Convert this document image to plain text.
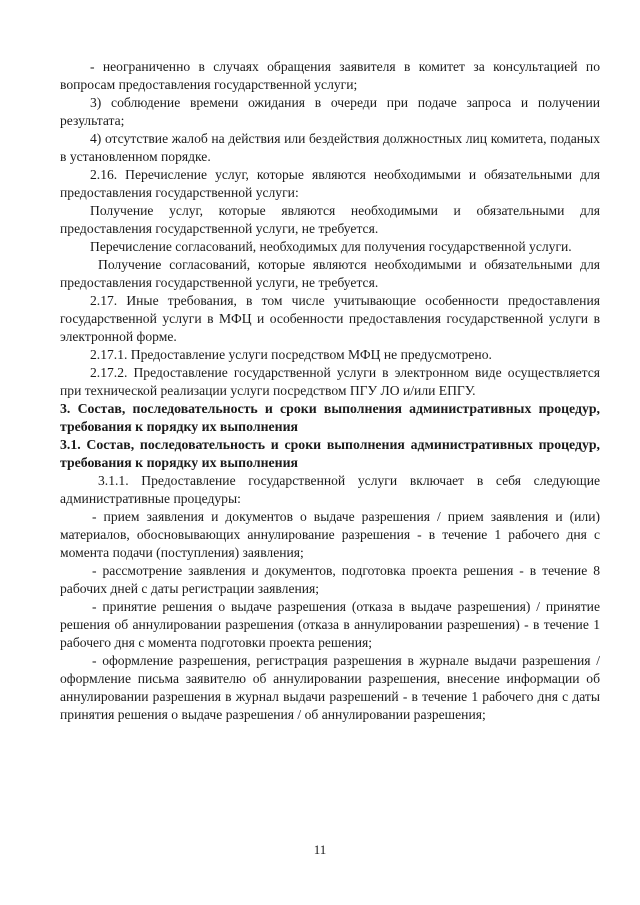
- неограниченно в случаях обращения заявителя в комитет за консультацией по вопросам предоставления государственной услуги;

3) соблюдение времени ожидания в очереди при подаче запроса и получении результата;

4) отсутствие жалоб на действия или бездействия должностных лиц комитета, поданых в установленном порядке.

2.16. Перечисление услуг, которые являются необходимыми и обязательными для предоставления государственной услуги:

Получение услуг, которые являются необходимыми и обязательными для предоставления государственной услуги, не требуется.

Перечисление согласований, необходимых для получения государственной услуги.

Получение согласований, которые являются необходимыми и обязательными для предоставления государственной услуги, не требуется.

2.17. Иные требования, в том числе учитывающие особенности предоставления государственной услуги в МФЦ и особенности предоставления государственной услуги в электронной форме.

2.17.1. Предоставление услуги посредством МФЦ не предусмотрено.

2.17.2. Предоставление государственной услуги в электронном виде осуществляется при технической реализации услуги посредством ПГУ ЛО и/или ЕПГУ.

3. Состав, последовательность и сроки выполнения административных процедур, требования к порядку их выполнения

3.1. Состав, последовательность и сроки выполнения административных процедур, требования к порядку их выполнения

3.1.1. Предоставление государственной услуги включает в себя следующие административные процедуры:

- прием заявления и документов о выдаче разрешения / прием заявления и (или) материалов, обосновывающих аннулирование разрешения - в течение 1 рабочего дня с момента подачи (поступления) заявления;

- рассмотрение заявления и документов, подготовка проекта решения - в течение 8 рабочих дней с даты регистрации заявления;

- принятие решения о выдаче разрешения (отказа в выдаче разрешения) / принятие решения об аннулировании разрешения (отказа в аннулировании разрешения) - в течение 1 рабочего дня с момента подготовки проекта решения;

- оформление разрешения, регистрация разрешения в журнале выдачи разрешения / оформление письма заявителю об аннулировании разрешения, внесение информации об аннулировании разрешения в журнал выдачи разрешений - в течение 1 рабочего дня с даты принятия решения о выдаче разрешения / об аннулировании разрешения;

11
